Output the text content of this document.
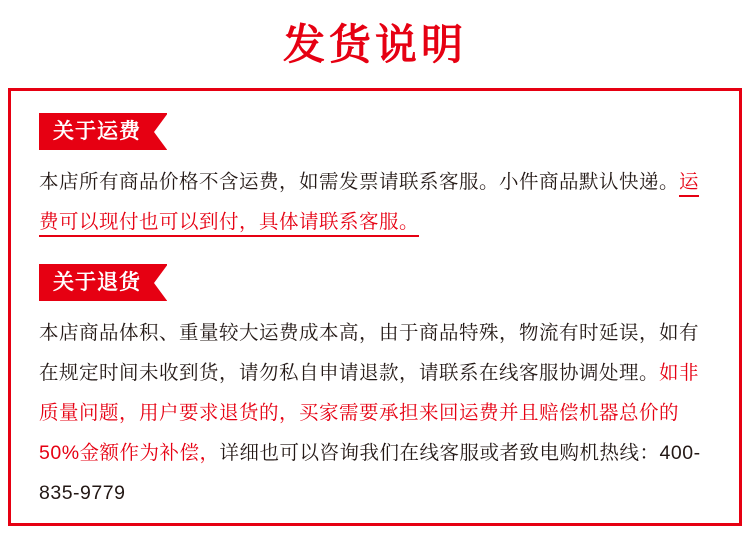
发货说明
关于运费
本店所有商品价格不含运费，如需发票请联系客服。小件商品默认快递。运费可以现付也可以到付，具体请联系客服。
关于退货
本店商品体积、重量较大运费成本高，由于商品特殊，物流有时延误，如有在规定时间未收到货，请勿私自申请退款，请联系在线客服协调处理。如非质量问题，用户要求退货的，买家需要承担来回运费并且赔偿机器总价的50%金额作为补偿，详细也可以咨询我们在线客服或者致电购机热线：400-835-9779
